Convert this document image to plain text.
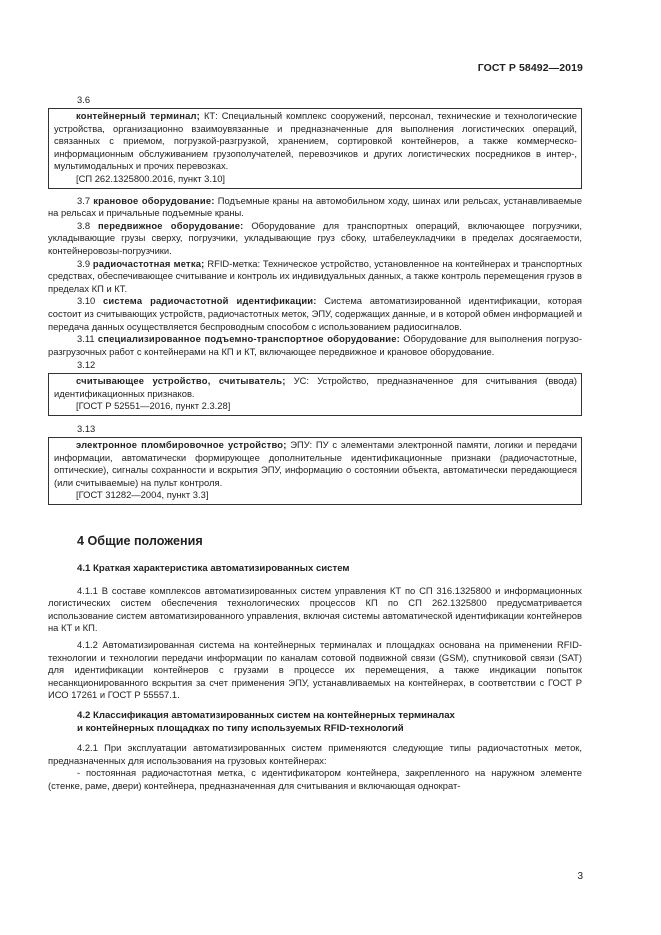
ГОСТ Р 58492—2019
3.6
контейнерный терминал; КТ: Специальный комплекс сооружений, персонал, технические и технологические устройства, организационно взаимоувязанные и предназначенные для выполнения логистических операций, связанных с приемом, погрузкой-разгрузкой, хранением, сортировкой контейнеров, а также коммерческо-информационным обслуживанием грузополучателей, перевозчиков и других логистических посредников в интер-, мультимодальных и прочих перевозках.
[СП 262.1325800.2016, пункт 3.10]

3.7 крановое оборудование: Подъемные краны на автомобильном ходу, шинах или рельсах, устанавливаемые на рельсах и причальные подъемные краны.

3.8 передвижное оборудование: Оборудование для транспортных операций, включающее погрузчики, укладывающие грузы сверху, погрузчики, укладывающие груз сбоку, штабелеукладчики в пределах досягаемости, контейнеровозы-погрузчики.

3.9 радиочастотная метка; RFID-метка: Техническое устройство, установленное на контейнерах и транспортных средствах, обеспечивающее считывание и контроль их индивидуальных данных, а также контроль перемещения грузов в пределах КП и КТ.

3.10 система радиочастотной идентификации: Система автоматизированной идентификации, которая состоит из считывающих устройств, радиочастотных меток, ЭПУ, содержащих данные, и в которой обмен информацией и передача данных осуществляется беспроводным способом с использованием радиосигналов.

3.11 специализированное подъемно-транспортное оборудование: Оборудование для выполнения погрузо-разгрузочных работ с контейнерами на КП и КТ, включающее передвижное и крановое оборудование.

3.12
считывающее устройство, считыватель; УС: Устройство, предназначенное для считывания (ввода) идентификационных признаков.
[ГОСТ Р 52551—2016, пункт 2.3.28]
3.13
электронное пломбировочное устройство; ЭПУ: ПУ с элементами электронной памяти, логики и передачи информации, автоматически формирующее дополнительные идентификационные признаки (радиочастотные, оптические), сигналы сохранности и вскрытия ЭПУ, информацию о состоянии объекта, автоматически передающиеся (или считываемые) на пульт контроля.
[ГОСТ 31282—2004, пункт 3.3]
4 Общие положения
4.1 Краткая характеристика автоматизированных систем

4.1.1 В составе комплексов автоматизированных систем управления КТ по СП 316.1325800 и информационных логистических систем обеспечения технологических процессов КП по СП 262.1325800 предусматривается использование систем автоматизированного управления, включая системы автоматической идентификации контейнеров на КТ и КП.

4.1.2 Автоматизированная система на контейнерных терминалах и площадках основана на применении RFID-технологии и технологии передачи информации по каналам сотовой подвижной связи (GSM), спутниковой связи (SAT) для идентификации контейнеров с грузами в процессе их перемещения, а также индикации попыток несанкционированного вскрытия за счет применения ЭПУ, устанавливаемых на контейнерах, в соответствии с ГОСТ Р ИСО 17261 и ГОСТ Р 55557.1.

4.2 Классификация автоматизированных систем на контейнерных терминалах
и контейнерных площадках по типу используемых RFID-технологий

4.2.1 При эксплуатации автоматизированных систем применяются следующие типы радиочастотных меток, предназначенных для использования на грузовых контейнерах:

- постоянная радиочастотная метка, с идентификатором контейнера, закрепленного на наружном элементе (стенке, раме, двери) контейнера, предназначенная для считывания и включающая однократ-

3
